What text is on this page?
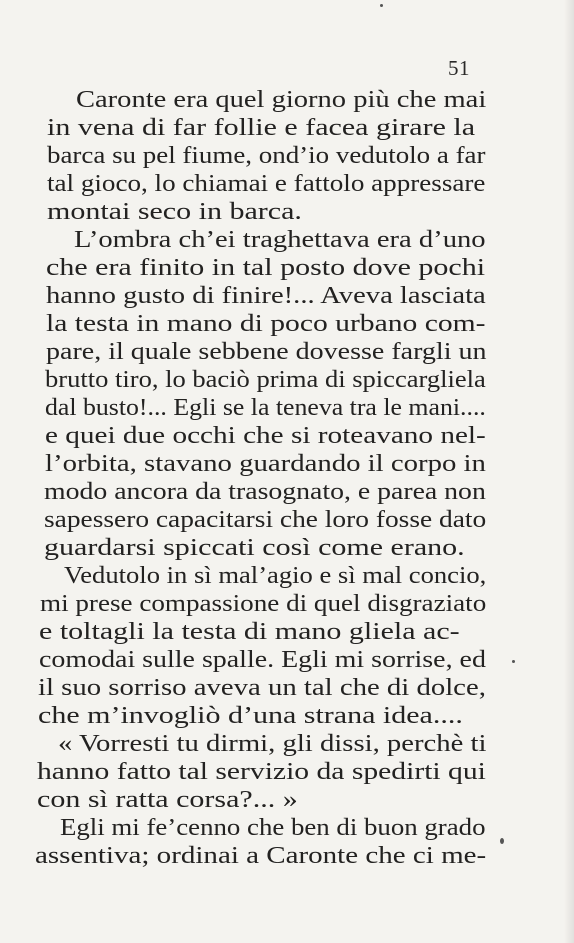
51
Caronte era quel giorno più che mai
in vena di far follie e facea girare la
barca su pel fiume, ond’io vedutolo a far
tal gioco, lo chiamai e fattolo appressare
montai seco in barca.
L’ombra ch’ei traghettava era d’uno
che era finito in tal posto dove pochi
hanno gusto di finire!... Aveva lasciata
la testa in mano di poco urbano com-
pare, il quale sebbene dovesse fargli un
brutto tiro, lo baciò prima di spiccargliela
dal busto!... Egli se la teneva tra le mani....
e quei due occhi che si roteavano nel-
l’orbita, stavano guardando il corpo in
modo ancora da trasognato, e parea non
sapessero capacitarsi che loro fosse dato
guardarsi spiccati così come erano.
Vedutolo in sì mal’agio e sì mal concio,
mi prese compassione di quel disgraziato
e toltagli la testa di mano gliela ac-
comodai sulle spalle. Egli mi sorrise, ed
il suo sorriso aveva un tal che di dolce,
che m’invogliò d’una strana idea....
« Vorresti tu dirmi, gli dissi, perchè ti
hanno fatto tal servizio da spedirti qui
con sì ratta corsa?... »
Egli mi fe’cenno che ben di buon grado
assentiva; ordinai a Caronte che ci me-
